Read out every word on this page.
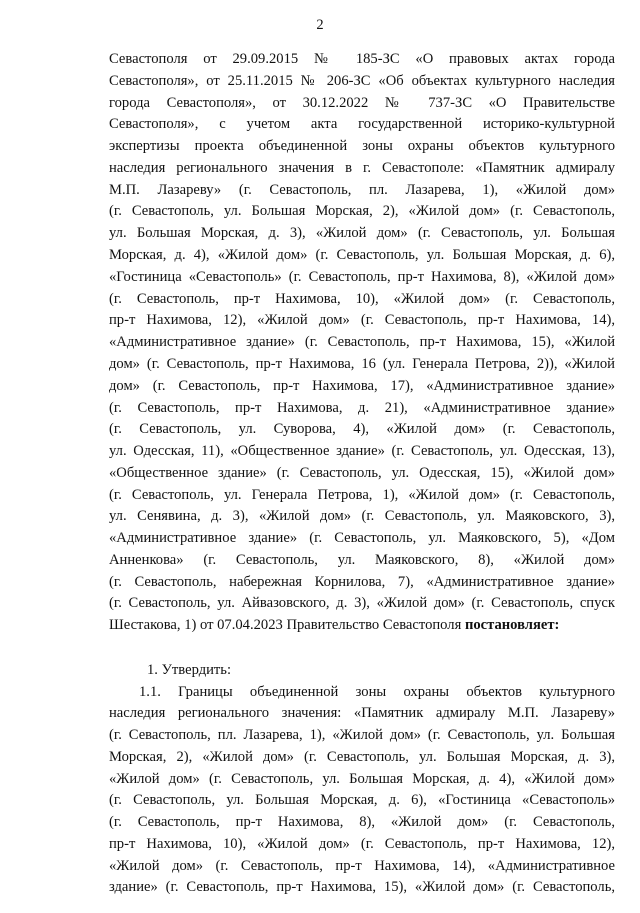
2
Севастополя от 29.09.2015 № 185-ЗС «О правовых актах города
Севастополя», от 25.11.2015 № 206-ЗС «Об объектах культурного наследия
города Севастополя», от 30.12.2022 № 737-ЗС «О Правительстве
Севастополя», с учетом акта государственной историко-культурной
экспертизы проекта объединенной зоны охраны объектов культурного
наследия регионального значения в г. Севастополе: «Памятник адмиралу
М.П. Лазареву» (г. Севастополь, пл. Лазарева, 1), «Жилой дом»
(г. Севастополь, ул. Большая Морская, 2), «Жилой дом» (г. Севастополь,
ул. Большая Морская, д. 3), «Жилой дом» (г. Севастополь, ул. Большая
Морская, д. 4), «Жилой дом» (г. Севастополь, ул. Большая Морская, д. 6),
«Гостиница «Севастополь» (г. Севастополь, пр-т Нахимова, 8), «Жилой дом»
(г. Севастополь, пр-т Нахимова, 10), «Жилой дом» (г. Севастополь,
пр-т Нахимова, 12), «Жилой дом» (г. Севастополь, пр-т Нахимова, 14),
«Административное здание» (г. Севастополь, пр-т Нахимова, 15), «Жилой
дом» (г. Севастополь, пр-т Нахимова, 16 (ул. Генерала Петрова, 2)), «Жилой
дом» (г. Севастополь, пр-т Нахимова, 17), «Административное здание»
(г. Севастополь, пр-т Нахимова, д. 21), «Административное здание»
(г. Севастополь, ул. Суворова, 4), «Жилой дом» (г. Севастополь,
ул. Одесская, 11), «Общественное здание» (г. Севастополь, ул. Одесская, 13),
«Общественное здание» (г. Севастополь, ул. Одесская, 15), «Жилой дом»
(г. Севастополь, ул. Генерала Петрова, 1), «Жилой дом» (г. Севастополь,
ул. Сенявина, д. 3), «Жилой дом» (г. Севастополь, ул. Маяковского, 3),
«Административное здание» (г. Севастополь, ул. Маяковского, 5), «Дом
Анненкова» (г. Севастополь, ул. Маяковского, 8), «Жилой дом»
(г. Севастополь, набережная Корнилова, 7), «Административное здание»
(г. Севастополь, ул. Айвазовского, д. 3), «Жилой дом» (г. Севастополь, спуск
Шестакова, 1) от 07.04.2023 Правительство Севастополя постановляет:
1. Утвердить:
1.1. Границы объединенной зоны охраны объектов культурного
наследия регионального значения: «Памятник адмиралу М.П. Лазареву»
(г. Севастополь, пл. Лазарева, 1), «Жилой дом» (г. Севастополь, ул. Большая
Морская, 2), «Жилой дом» (г. Севастополь, ул. Большая Морская, д. 3),
«Жилой дом» (г. Севастополь, ул. Большая Морская, д. 4), «Жилой дом»
(г. Севастополь, ул. Большая Морская, д. 6), «Гостиница «Севастополь»
(г. Севастополь, пр-т Нахимова, 8), «Жилой дом» (г. Севастополь,
пр-т Нахимова, 10), «Жилой дом» (г. Севастополь, пр-т Нахимова, 12),
«Жилой дом» (г. Севастополь, пр-т Нахимова, 14), «Административное
здание» (г. Севастополь, пр-т Нахимова, 15), «Жилой дом» (г. Севастополь,
